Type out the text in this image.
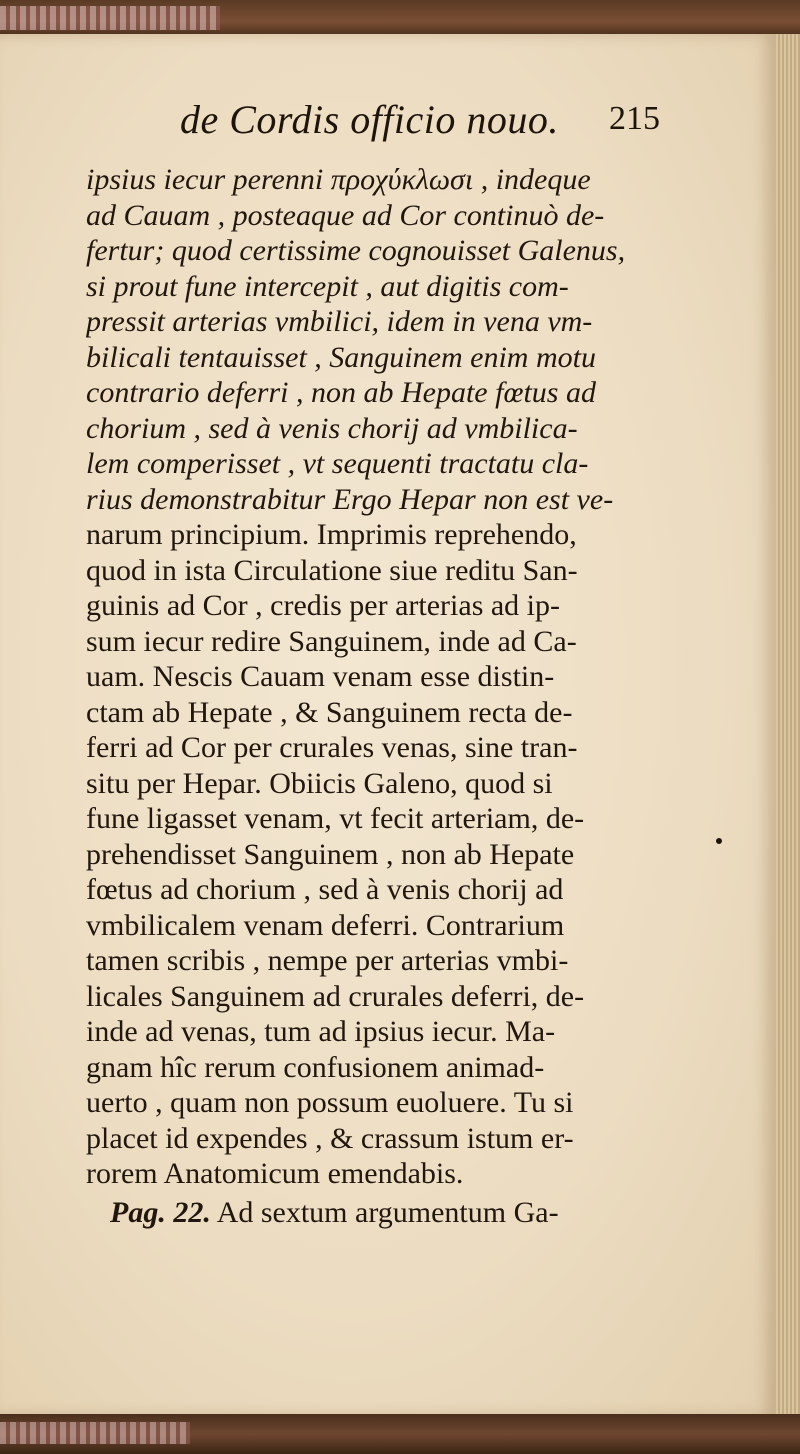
de Cordis officio nouo. 215
ipsius iecur perenni προχύκλωσι , indeque
ad Cauam , posteaque ad Cor continuò de-
fertur; quod certissime cognouisset Galenus,
si prout fune intercepit , aut digitis com-
pressit arterias vmbilici, idem in vena vm-
bilicali tentauisset , Sanguinem enim motu
contrario deferri , non ab Hepate fœtus ad
chorium , sed à venis chorij ad vmbilica-
lem comperisset , vt sequenti tractatu cla-
rius demonstrabitur Ergo Hepar non est ve-
narum principium. Imprimis reprehendo,
quod in ista Circulatione siue reditu San-
guinis ad Cor , credis per arterias ad ip-
sum iecur redire Sanguinem, inde ad Ca-
uam. Nescis Cauam venam esse distin-
ctam ab Hepate , & Sanguinem recta de-
ferri ad Cor per crurales venas, sine tran-
situ per Hepar. Obiicis Galeno, quod si
fune ligasset venam, vt fecit arteriam, de-
prehendisset Sanguinem , non ab Hepate
fœtus ad chorium , sed à venis chorij ad
vmbilicalem venam deferri. Contrarium
tamen scribis , nempe per arterias vmbi-
licales Sanguinem ad crurales deferri, de-
inde ad venas, tum ad ipsius iecur. Ma-
gnam hîc rerum confusionem animad-
uerto , quam non possum euoluere. Tu si
placet id expendes , & crassum istum er-
rorem Anatomicum emendabis.
Pag. 22. Ad sextum argumentum Ga-
